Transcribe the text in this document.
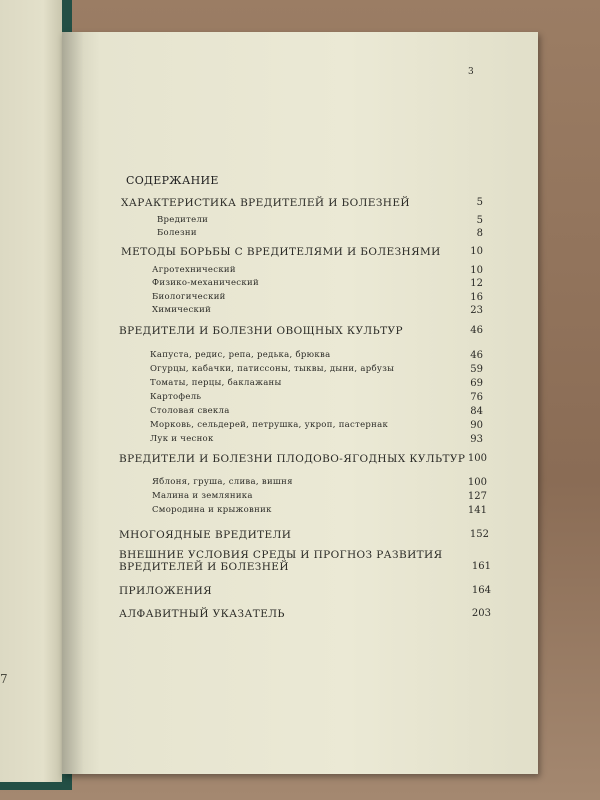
7
3
СОДЕРЖАНИЕ
ХАРАКТЕРИСТИКА ВРЕДИТЕЛЕЙ И БОЛЕЗНЕЙ	5
Вредители	5
Болезни	8
МЕТОДЫ БОРЬБЫ С ВРЕДИТЕЛЯМИ И БОЛЕЗНЯМИ	10
Агротехнический	10
Физико-механический	12
Биологический	16
Химический	23
ВРЕДИТЕЛИ И БОЛЕЗНИ ОВОЩНЫХ КУЛЬТУР	46
Капуста, редис, репа, редька, брюква	46
Огурцы, кабачки, патиссоны, тыквы, дыни, арбузы	59
Томаты, перцы, баклажаны	69
Картофель	76
Столовая свекла	84
Морковь, сельдерей, петрушка, укроп, пастернак	90
Лук и чеснок	93
ВРЕДИТЕЛИ И БОЛЕЗНИ ПЛОДОВО-ЯГОДНЫХ КУЛЬТУР 100
Яблоня, груша, слива, вишня	100
Малина и земляника	127
Смородина и крыжовник	141
МНОГОЯДНЫЕ ВРЕДИТЕЛИ	152
ВНЕШНИЕ УСЛОВИЯ СРЕДЫ И ПРОГНОЗ РАЗВИТИЯ
ВРЕДИТЕЛЕЙ И БОЛЕЗНЕЙ	161
ПРИЛОЖЕНИЯ	164
АЛФАВИТНЫЙ УКАЗАТЕЛЬ	203
